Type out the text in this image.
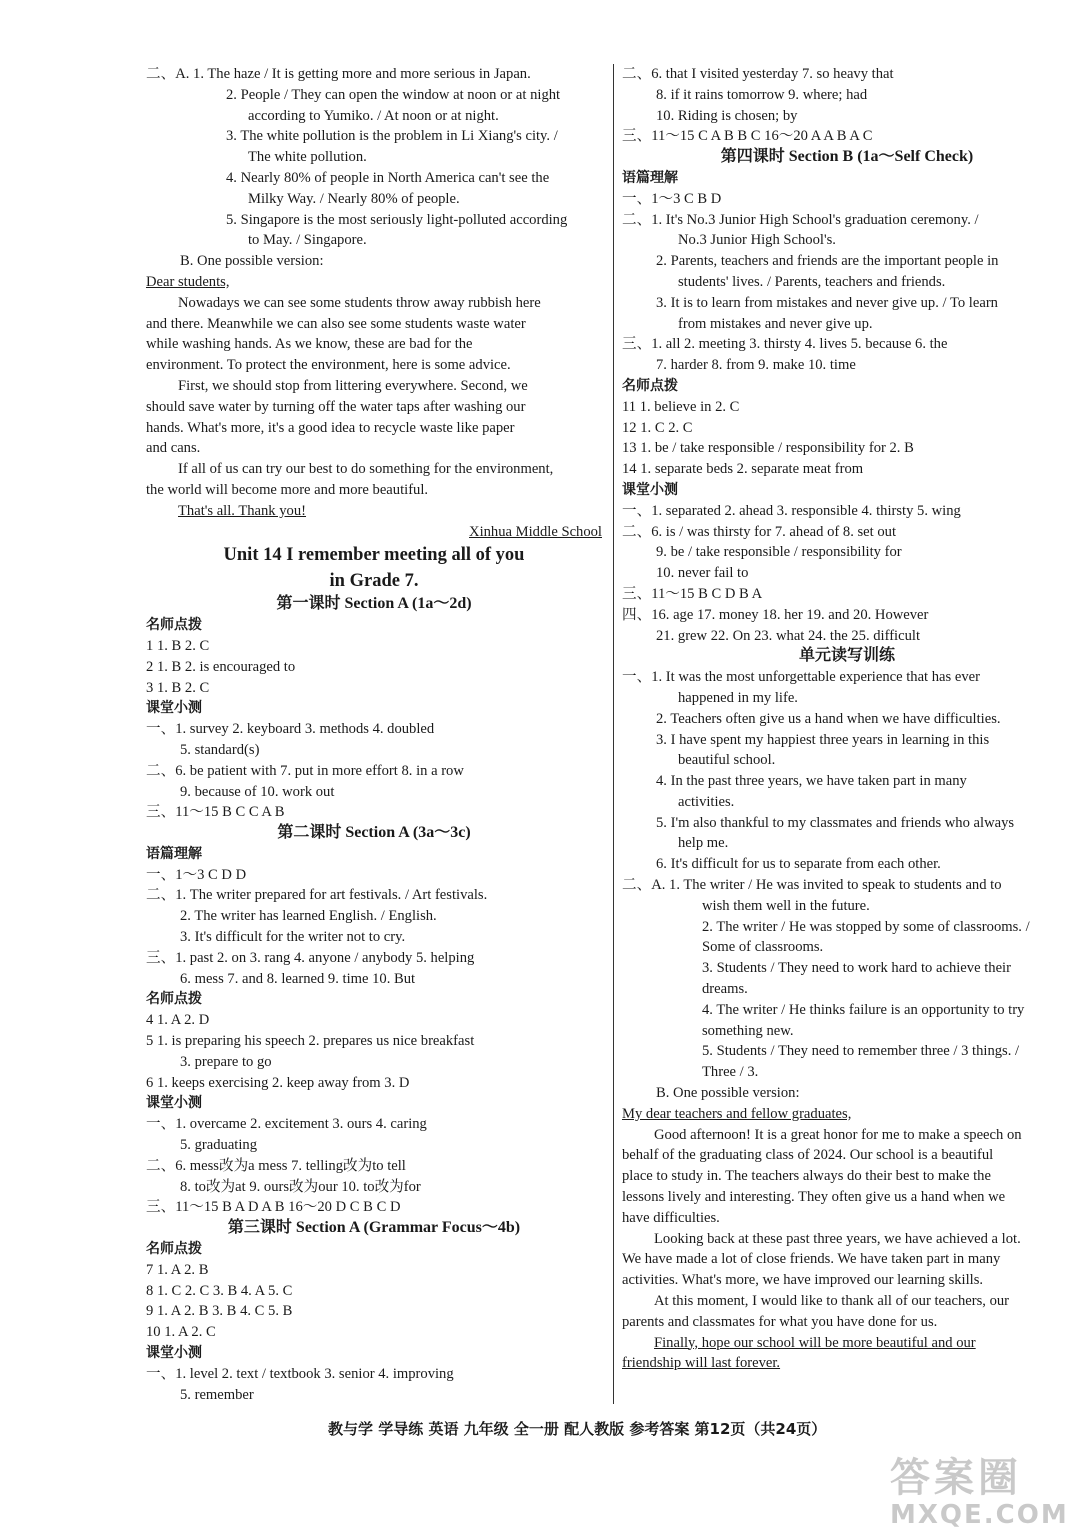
二、A. 1. The haze / It is getting more and more serious in Japan.
2. People / They can open the window at noon or at night
according to Yumiko. / At noon or at night.
3. The white pollution is the problem in Li Xiang's city. /
The white pollution.
4. Nearly 80% of people in North America can't see the
Milky Way. / Nearly 80% of people.
5. Singapore is the most seriously light-polluted according
to May. / Singapore.
B. One possible version:
Dear students,
Nowadays we can see some students throw away rubbish here
and there. Meanwhile we can also see some students waste water
while washing hands. As we know, these are bad for the
environment. To protect the environment, here is some advice.
First, we should stop from littering everywhere. Second, we
should save water by turning off the water taps after washing our
hands. What's more, it's a good idea to recycle waste like paper
and cans.
If all of us can try our best to do something for the environment,
the world will become more and more beautiful.
That's all. Thank you!
Xinhua Middle School
Unit 14 I remember meeting all of you
in Grade 7.
第一课时 Section A (1a～2d)
名师点拨
1 1. B 2. C
2 1. B 2. is encouraged to
3 1. B 2. C
课堂小测
一、1. survey 2. keyboard 3. methods 4. doubled
5. standard(s)
二、6. be patient with 7. put in more effort 8. in a row
9. because of 10. work out
三、11～15 B C C A B
第二课时 Section A (3a～3c)
语篇理解
一、1～3 C D D
二、1. The writer prepared for art festivals. / Art festivals.
2. The writer has learned English. / English.
3. It's difficult for the writer not to cry.
三、1. past 2. on 3. rang 4. anyone / anybody 5. helping
6. mess 7. and 8. learned 9. time 10. But
名师点拨
4 1. A 2. D
5 1. is preparing his speech 2. prepares us nice breakfast
3. prepare to go
6 1. keeps exercising 2. keep away from 3. D
课堂小测
一、1. overcame 2. excitement 3. ours 4. caring
5. graduating
二、6. mess改为a mess 7. telling改为to tell
8. to改为at 9. ours改为our 10. to改为for
三、11～15 B A D A B 16～20 D C B C D
第三课时 Section A (Grammar Focus～4b)
名师点拨
7 1. A 2. B
8 1. C 2. C 3. B 4. A 5. C
9 1. A 2. B 3. B 4. C 5. B
10 1. A 2. C
课堂小测
一、1. level 2. text / textbook 3. senior 4. improving
5. remember
二、6. that I visited yesterday 7. so heavy that
8. if it rains tomorrow 9. where; had
10. Riding is chosen; by
三、11～15 C A B B C 16～20 A A B A C
第四课时 Section B (1a～Self Check)
语篇理解
一、1～3 C B D
二、1. It's No.3 Junior High School's graduation ceremony. /
No.3 Junior High School's.
2. Parents, teachers and friends are the important people in
students' lives. / Parents, teachers and friends.
3. It is to learn from mistakes and never give up. / To learn
from mistakes and never give up.
三、1. all 2. meeting 3. thirsty 4. lives 5. because 6. the
7. harder 8. from 9. make 10. time
名师点拨
11 1. believe in 2. C
12 1. C 2. C
13 1. be / take responsible / responsibility for 2. B
14 1. separate beds 2. separate meat from
课堂小测
一、1. separated 2. ahead 3. responsible 4. thirsty 5. wing
二、6. is / was thirsty for 7. ahead of 8. set out
9. be / take responsible / responsibility for
10. never fail to
三、11～15 B C D B A
四、16. age 17. money 18. her 19. and 20. However
21. grew 22. On 23. what 24. the 25. difficult
单元读写训练
一、1. It was the most unforgettable experience that has ever
happened in my life.
2. Teachers often give us a hand when we have difficulties.
3. I have spent my happiest three years in learning in this
beautiful school.
4. In the past three years, we have taken part in many
activities.
5. I'm also thankful to my classmates and friends who always
help me.
6. It's difficult for us to separate from each other.
二、A. 1. The writer / He was invited to speak to students and to
wish them well in the future.
2. The writer / He was stopped by some of classrooms. /
Some of classrooms.
3. Students / They need to work hard to achieve their
dreams.
4. The writer / He thinks failure is an opportunity to try
something new.
5. Students / They need to remember three / 3 things. /
Three / 3.
B. One possible version:
My dear teachers and fellow graduates,
Good afternoon! It is a great honor for me to make a speech on
behalf of the graduating class of 2024. Our school is a beautiful
place to study in. The teachers always do their best to make the
lessons lively and interesting. They often give us a hand when we
have difficulties.
Looking back at these past three years, we have achieved a lot.
We have made a lot of close friends. We have taken part in many
activities. What's more, we have improved our learning skills.
At this moment, I would like to thank all of our teachers, our
parents and classmates for what you have done for us.
Finally, hope our school will be more beautiful and our
friendship will last forever.
教与学 学导练 英语 九年级 全一册 配人教版 参考答案 第12页（共24页）
答案圈
MXQE.COM
